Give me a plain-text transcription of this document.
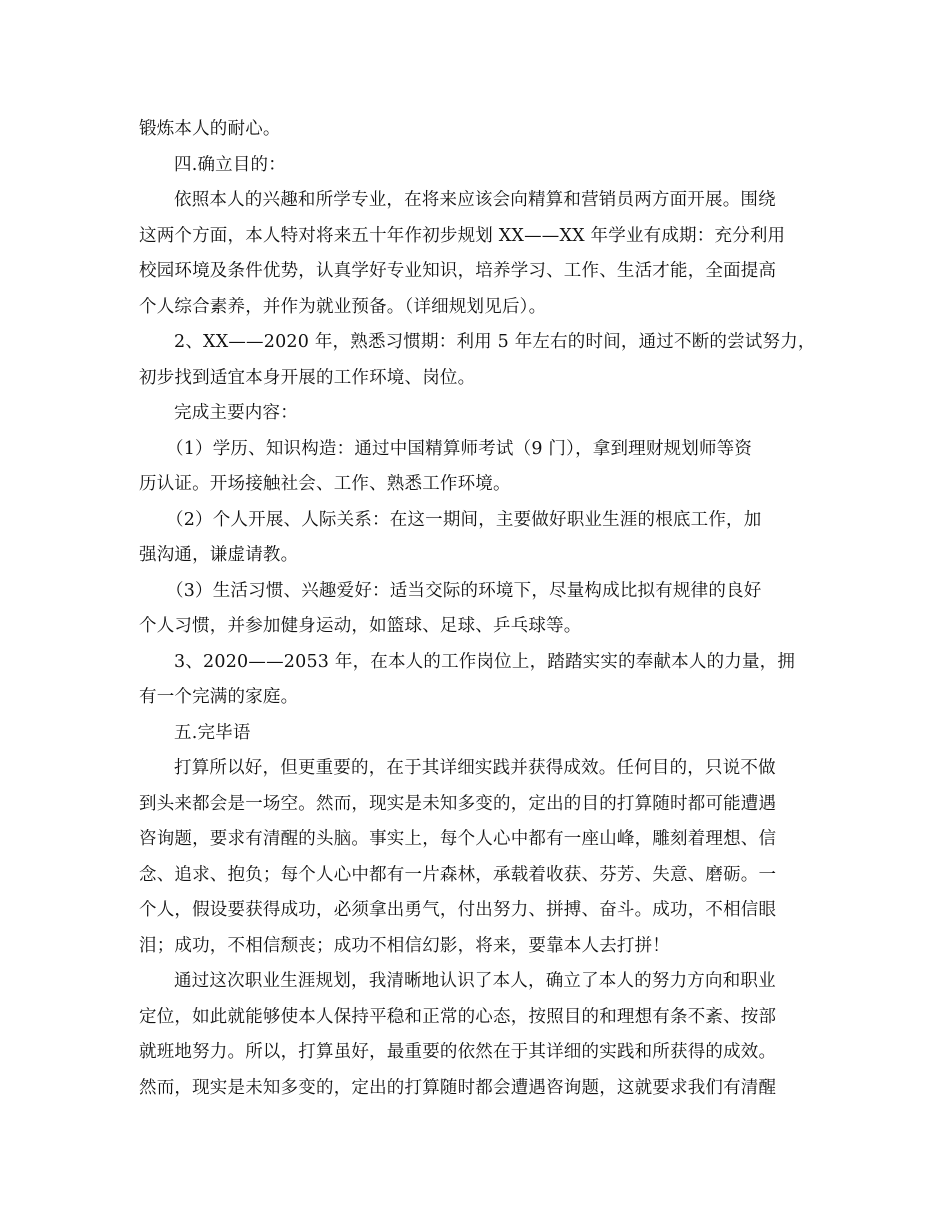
锻炼本人的耐心。
四.确立目的：
依照本人的兴趣和所学专业，在将来应该会向精算和营销员两方面开展。围绕
这两个方面，本人特对将来五十年作初步规划 XX——XX 年学业有成期：充分利用
校园环境及条件优势，认真学好专业知识，培养学习、工作、生活才能，全面提高
个人综合素养，并作为就业预备。（详细规划见后）。
2、XX——2020 年，熟悉习惯期：利用 5 年左右的时间，通过不断的尝试努力，
初步找到适宜本身开展的工作环境、岗位。
完成主要内容：
（1）学历、知识构造：通过中国精算师考试（9 门），拿到理财规划师等资
历认证。开场接触社会、工作、熟悉工作环境。
（2）个人开展、人际关系：在这一期间，主要做好职业生涯的根底工作，加
强沟通，谦虚请教。
（3）生活习惯、兴趣爱好：适当交际的环境下，尽量构成比拟有规律的良好
个人习惯，并参加健身运动，如篮球、足球、乒乓球等。
3、2020——2053 年，在本人的工作岗位上，踏踏实实的奉献本人的力量，拥
有一个完满的家庭。
五.完毕语
打算所以好，但更重要的，在于其详细实践并获得成效。任何目的，只说不做
到头来都会是一场空。然而，现实是未知多变的，定出的目的打算随时都可能遭遇
咨询题，要求有清醒的头脑。事实上，每个人心中都有一座山峰，雕刻着理想、信
念、追求、抱负；每个人心中都有一片森林，承载着收获、芬芳、失意、磨砺。一
个人，假设要获得成功，必须拿出勇气，付出努力、拼搏、奋斗。成功，不相信眼
泪；成功，不相信颓丧；成功不相信幻影，将来，要靠本人去打拼！
通过这次职业生涯规划，我清晰地认识了本人，确立了本人的努力方向和职业
定位，如此就能够使本人保持平稳和正常的心态，按照目的和理想有条不紊、按部
就班地努力。所以，打算虽好，最重要的依然在于其详细的实践和所获得的成效。
然而，现实是未知多变的，定出的打算随时都会遭遇咨询题，这就要求我们有清醒
